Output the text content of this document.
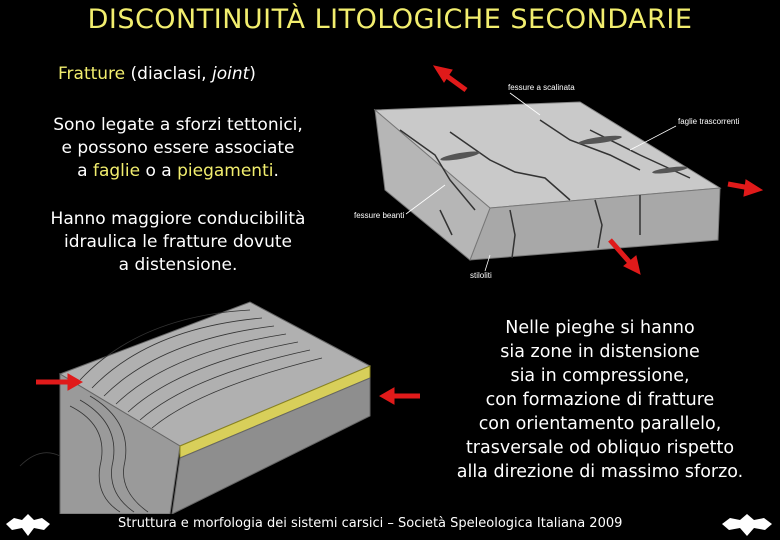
DISCONTINUITÀ LITOLOGICHE SECONDARIE
Fratture (diaclasi, joint)
Sono legate a sforzi tettonici,
e possono essere associate
a faglie o a piegamenti.
Hanno maggiore conducibilità
idraulica le fratture dovute
a distensione.
Nelle pieghe si hanno
sia zone in distensione
sia in compressione,
con formazione di fratture
con orientamento parallelo,
trasversale od obliquo rispetto
alla direzione di massimo sforzo.
fessure a scalinata
faglie trascorrenti
fessure beanti
stiloliti
Struttura e morfologia dei sistemi carsici – Società Speleologica Italiana 2009
